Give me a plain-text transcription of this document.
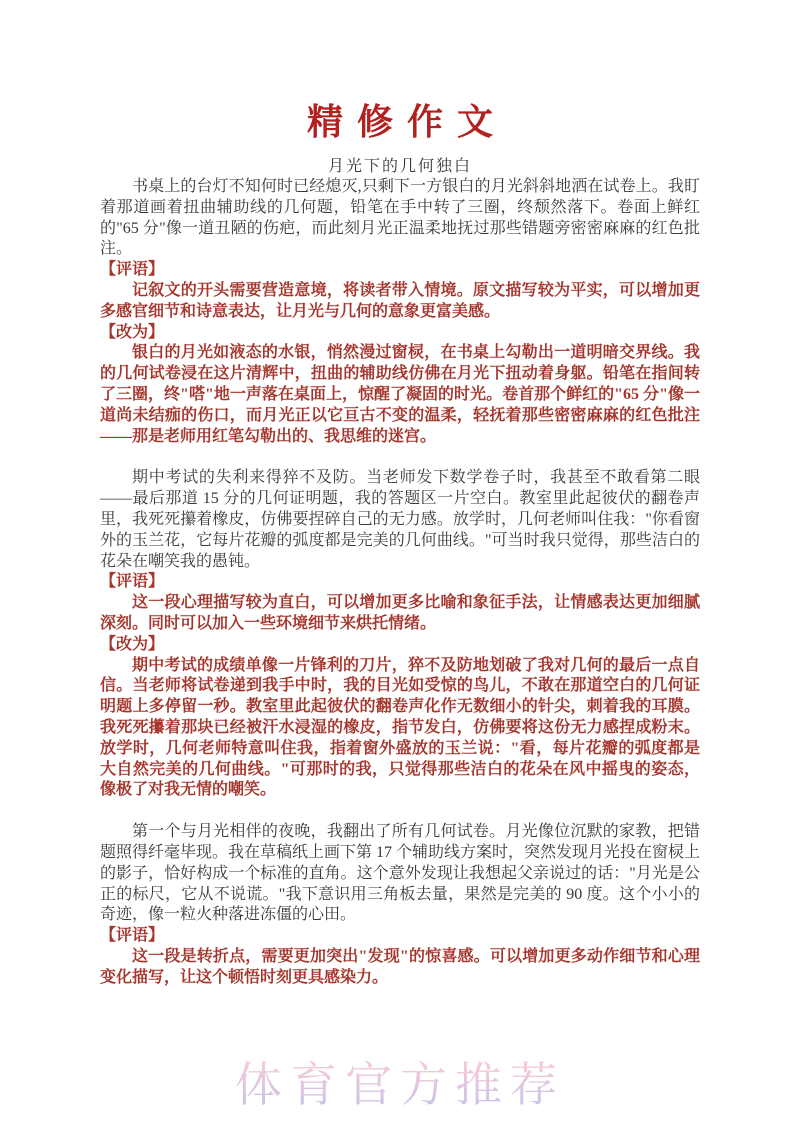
精修作文

月光下的几何独白

书桌上的台灯不知何时已经熄灭,只剩下一方银白的月光斜斜地洒在试卷上。我盯着那道画着扭曲辅助线的几何题，铅笔在手中转了三圈，终颓然落下。卷面上鲜红的"65 分"像一道丑陋的伤疤，而此刻月光正温柔地抚过那些错题旁密密麻麻的红色批注。

【评语】

记叙文的开头需要营造意境，将读者带入情境。原文描写较为平实，可以增加更多感官细节和诗意表达，让月光与几何的意象更富美感。

【改为】

银白的月光如液态的水银，悄然漫过窗棂，在书桌上勾勒出一道明暗交界线。我的几何试卷浸在这片清辉中，扭曲的辅助线仿佛在月光下扭动着身躯。铅笔在指间转了三圈，终"嗒"地一声落在桌面上，惊醒了凝固的时光。卷首那个鲜红的"65 分"像一道尚未结痂的伤口，而月光正以它亘古不变的温柔，轻抚着那些密密麻麻的红色批注——那是老师用红笔勾勒出的、我思维的迷宫。

期中考试的失利来得猝不及防。当老师发下数学卷子时，我甚至不敢看第二眼——最后那道 15 分的几何证明题，我的答题区一片空白。教室里此起彼伏的翻卷声里，我死死攥着橡皮，仿佛要捏碎自己的无力感。放学时，几何老师叫住我："你看窗外的玉兰花，它每片花瓣的弧度都是完美的几何曲线。"可当时我只觉得，那些洁白的花朵在嘲笑我的愚钝。

【评语】

这一段心理描写较为直白，可以增加更多比喻和象征手法，让情感表达更加细腻深刻。同时可以加入一些环境细节来烘托情绪。

【改为】

期中考试的成绩单像一片锋利的刀片，猝不及防地划破了我对几何的最后一点自信。当老师将试卷递到我手中时，我的目光如受惊的鸟儿，不敢在那道空白的几何证明题上多停留一秒。教室里此起彼伏的翻卷声化作无数细小的针尖，刺着我的耳膜。我死死攥着那块已经被汗水浸湿的橡皮，指节发白，仿佛要将这份无力感捏成粉末。放学时，几何老师特意叫住我，指着窗外盛放的玉兰说："看，每片花瓣的弧度都是大自然完美的几何曲线。"可那时的我，只觉得那些洁白的花朵在风中摇曳的姿态，像极了对我无情的嘲笑。

第一个与月光相伴的夜晚，我翻出了所有几何试卷。月光像位沉默的家教，把错题照得纤毫毕现。我在草稿纸上画下第 17 个辅助线方案时，突然发现月光投在窗棂上的影子，恰好构成一个标准的直角。这个意外发现让我想起父亲说过的话："月光是公正的标尺，它从不说谎。"我下意识用三角板去量，果然是完美的 90 度。这个小小的奇迹，像一粒火种落进冻僵的心田。

【评语】

这一段是转折点，需要更加突出"发现"的惊喜感。可以增加更多动作细节和心理变化描写，让这个顿悟时刻更具感染力。

体育官方推荐
